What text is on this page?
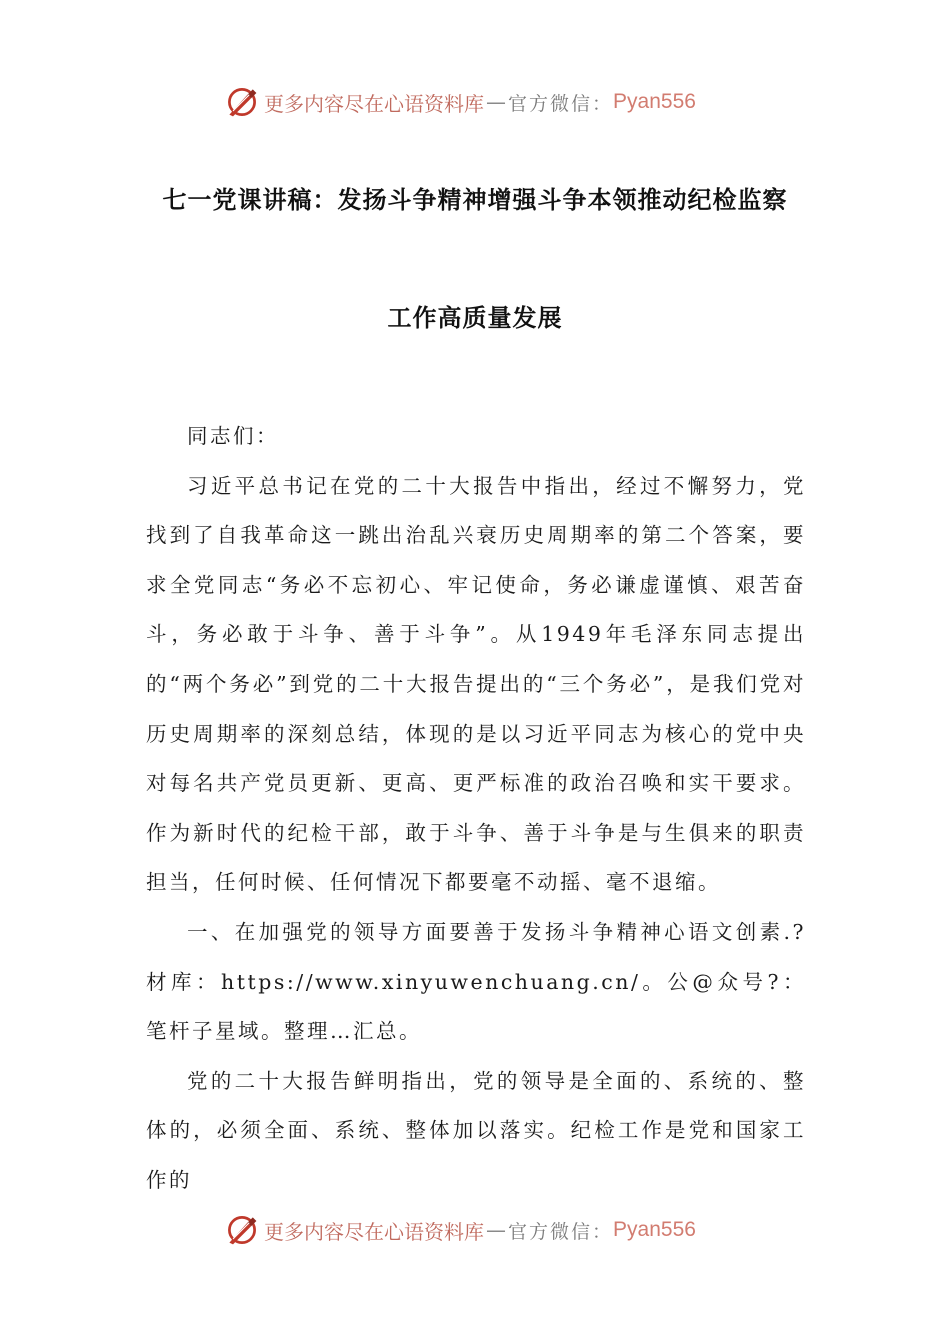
更多内容尽在心语资料库 — 官方微信： Pyan556
七一党课讲稿：发扬斗争精神增强斗争本领推动纪检监察
工作高质量发展

同志们：

习近平总书记在党的二十大报告中指出，经过不懈努力，党找到了自我革命这一跳出治乱兴衰历史周期率的第二个答案，要求全党同志“务必不忘初心、牢记使命，务必谦虚谨慎、艰苦奋斗，务必敢于斗争、善于斗争”。从1949年毛泽东同志提出的“两个务必”到党的二十大报告提出的“三个务必”，是我们党对历史周期率的深刻总结，体现的是以习近平同志为核心的党中央对每名共产党员更新、更高、更严标准的政治召唤和实干要求。作为新时代的纪检干部，敢于斗争、善于斗争是与生俱来的职责担当，任何时候、任何情况下都要毫不动摇、毫不退缩。

一、在加强党的领导方面要善于发扬斗争精神心语文创素.?材库：https://www.xinyuwenchuang.cn/。公@众号?：笔杆子星域。整理…汇总。

党的二十大报告鲜明指出，党的领导是全面的、系统的、整体的，必须全面、系统、整体加以落实。纪检工作是党和国家工作的

更多内容尽在心语资料库 — 官方微信： Pyan556
